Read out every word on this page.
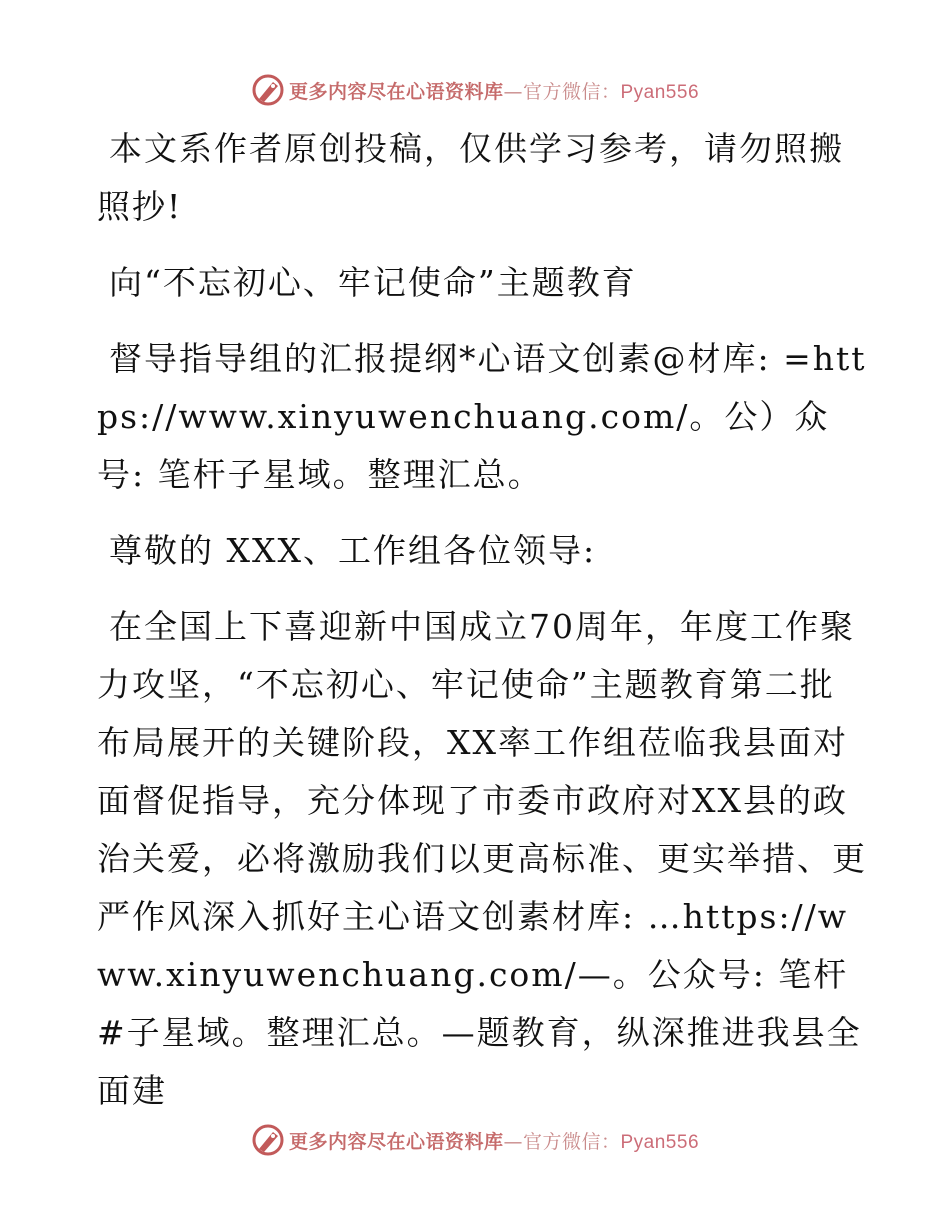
更多内容尽在心语资料库—官方微信：Pyan556

本文系作者原创投稿，仅供学习参考，请勿照搬照抄!

向“不忘初心、牢记使命”主题教育

督导指导组的汇报提纲*心语文创素@材库: =https://www.xinyuwenchuang.com/。公）众号: 笔杆子星域。整理汇总。

尊敬的 XXX、工作组各位领导:

在全国上下喜迎新中国成立70周年，年度工作聚力攻坚，“不忘初心、牢记使命”主题教育第二批布局展开的关键阶段，XX率工作组莅临我县面对面督促指导，充分体现了市委市政府对XX县的政治关爱，必将激励我们以更高标准、更实举措、更严作风深入抓好主心语文创素材库: …https://www.xinyuwenchuang.com/—。公众号: 笔杆#子星域。整理汇总。—题教育，纵深推进我县全面建

更多内容尽在心语资料库—官方微信：Pyan556
